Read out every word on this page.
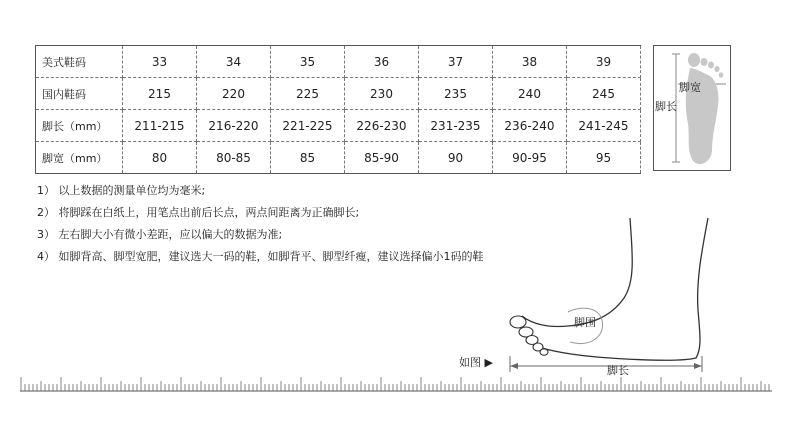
美式鞋码	33	34	35	36	37	38	39
国内鞋码	215	220	225	230	235	240	245
脚长（mm）	211-215	216-220	221-225	226-230	231-235	236-240	241-245
脚宽（mm）	80	80-85	85	85-90	90	90-95	95
脚宽
脚长
1） 以上数据的测量单位均为毫米;
2） 将脚踩在白纸上，用笔点出前后长点，两点间距离为正确脚长;
3） 左右脚大小有微小差距，应以偏大的数据为准;
4） 如脚背高、脚型宽肥，建议选大一码的鞋，如脚背平、脚型纤瘦，建议选择偏小1码的鞋
脚围
如图 ▶
脚长
